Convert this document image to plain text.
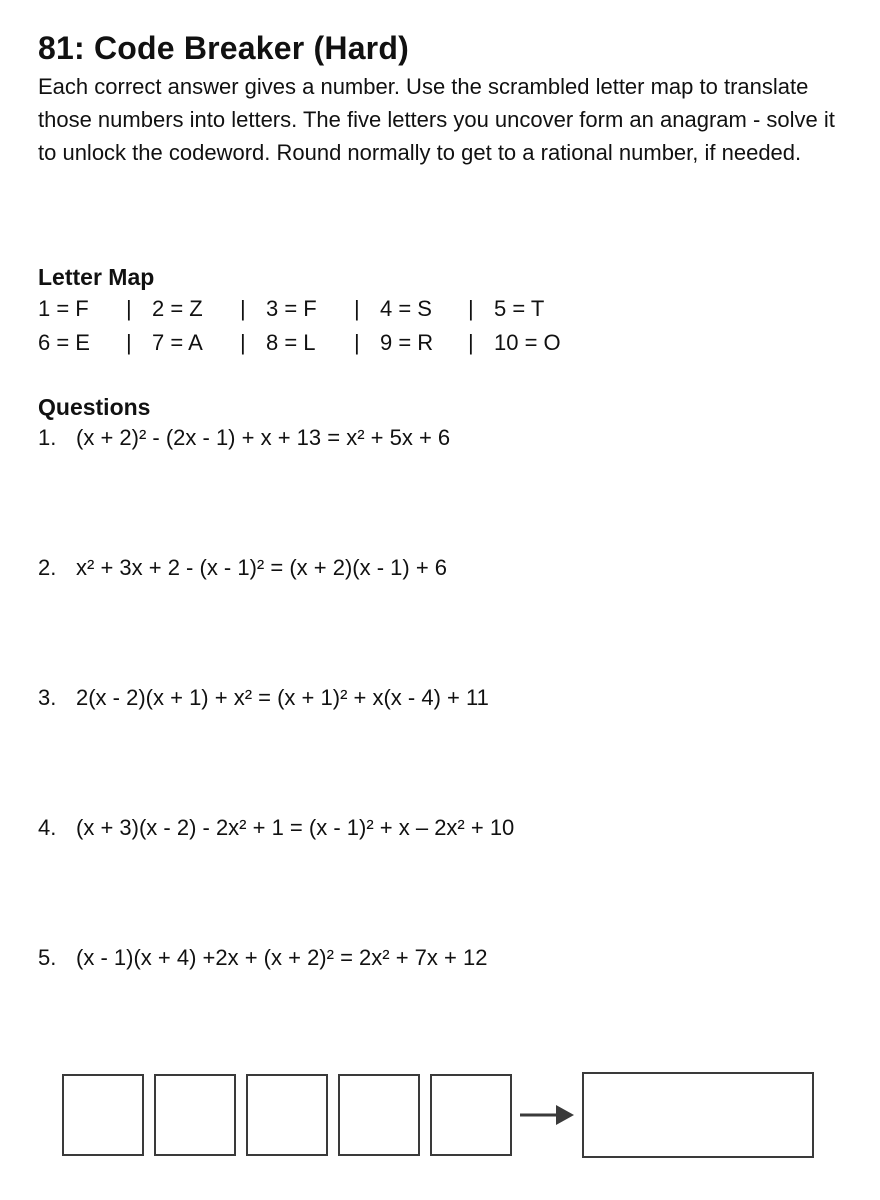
81: Code Breaker (Hard)

Each correct answer gives a number. Use the scrambled letter map to translate those numbers into letters. The five letters you uncover form an anagram - solve it to unlock the codeword. Round normally to get to a rational number, if needed.

Letter Map
1 = F	| 2 = Z	| 3 = F	| 4 = S	| 5 = T
6 = E	| 7 = A	| 8 = L	| 9 = R	| 10 = O
Questions
1. (x + 2)² - (2x - 1) + x + 13 = x² + 5x + 6
2. x² + 3x + 2 - (x - 1)² = (x + 2)(x - 1) + 6
3. 2(x - 2)(x + 1) + x² = (x + 1)² + x(x - 4) + 11
4. (x + 3)(x - 2) - 2x² + 1 = (x - 1)² + x – 2x² + 10
5. (x - 1)(x + 4) +2x + (x + 2)² = 2x² + 7x + 12
